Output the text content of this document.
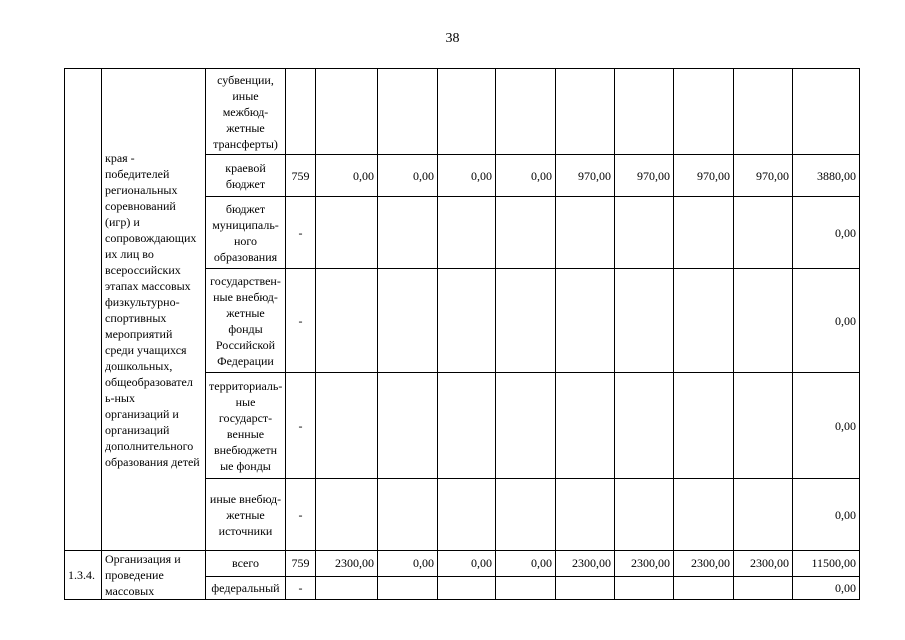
38
	края - победителей региональных соревнований (игр) и сопровождающих их лиц во всероссийских этапах массовых физкультурно-спортивных мероприятий среди учащихся дошкольных, общеобразовател ь-ных организаций и организаций дополнительного образования детей	субвенции, иные межбюд-жетные трансферты)										
		краевой бюджет	759	0,00	0,00	0,00	0,00	970,00	970,00	970,00	970,00	3880,00
		бюджет муниципаль-ного образования	-									0,00
		государствен-ные внебюд-жетные фонды Российской Федерации	-									0,00
		территориаль-ные государст-венные внебюджетн ые фонды	-									0,00
		иные внебюд-жетные источники	-									0,00
1.3.4.	Организация и проведение массовых	всего	759	2300,00	0,00	0,00	0,00	2300,00	2300,00	2300,00	2300,00	11500,00
		федеральный	-									0,00
